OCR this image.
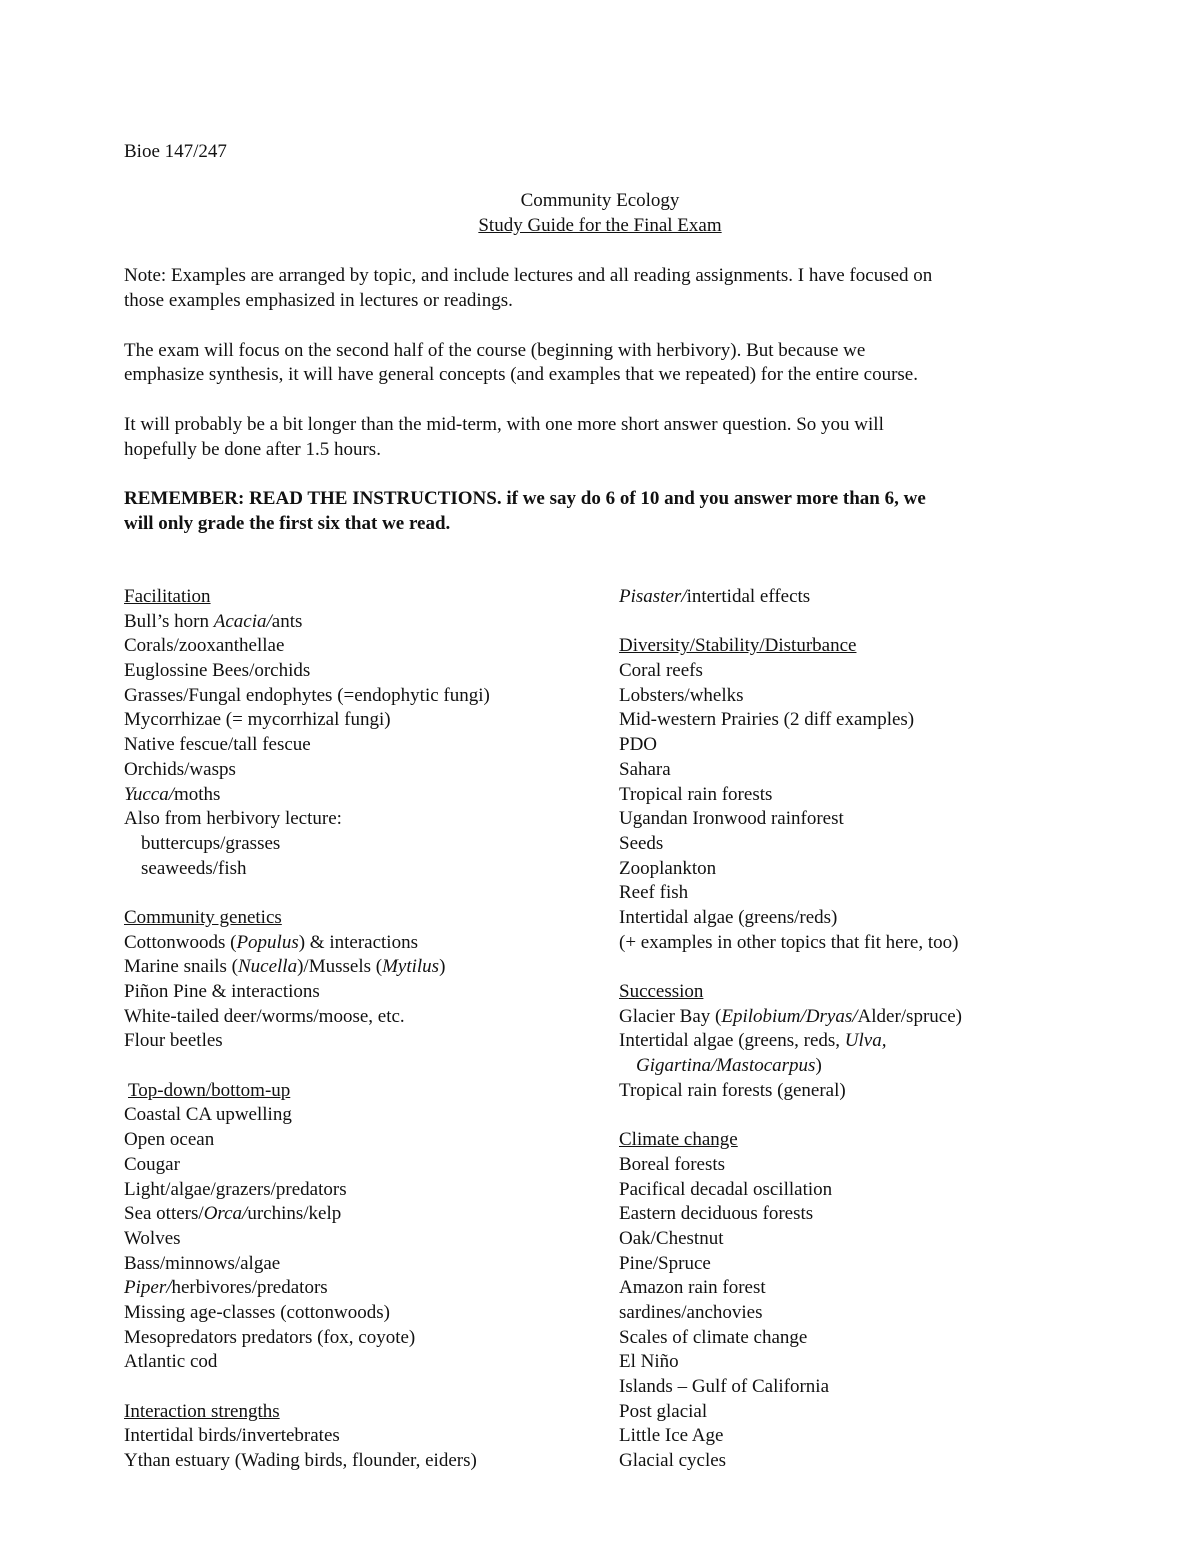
Bioe 147/247
Community Ecology
Study Guide for the Final Exam
Note: Examples are arranged by topic, and include lectures and all reading assignments. I have focused on
those examples emphasized in lectures or readings.
The exam will focus on the second half of the course (beginning with herbivory). But because we
emphasize synthesis, it will have general concepts (and examples that we repeated) for the entire course.
It will probably be a bit longer than the mid-term, with one more short answer question. So you will
hopefully be done after 1.5 hours.
REMEMBER: READ THE INSTRUCTIONS. if we say do 6 of 10 and you answer more than 6, we
will only grade the first six that we read.
Facilitation
Bull’s horn Acacia/ants
Corals/zooxanthellae
Euglossine Bees/orchids
Grasses/Fungal endophytes (=endophytic fungi)
Mycorrhizae (= mycorrhizal fungi)
Native fescue/tall fescue
Orchids/wasps
Yucca/moths
Also from herbivory lecture:
buttercups/grasses
seaweeds/fish
Community genetics
Cottonwoods (Populus) & interactions
Marine snails (Nucella)/Mussels (Mytilus)
Piñon Pine & interactions
White-tailed deer/worms/moose, etc.
Flour beetles
Top-down/bottom-up
Coastal CA upwelling
Open ocean
Cougar
Light/algae/grazers/predators
Sea otters/Orca/urchins/kelp
Wolves
Bass/minnows/algae
Piper/herbivores/predators
Missing age-classes (cottonwoods)
Mesopredators predators (fox, coyote)
Atlantic cod
Interaction strengths
Intertidal birds/invertebrates
Ythan estuary (Wading birds, flounder, eiders)
Pisaster/intertidal effects
Diversity/Stability/Disturbance
Coral reefs
Lobsters/whelks
Mid-western Prairies (2 diff examples)
PDO
Sahara
Tropical rain forests
Ugandan Ironwood rainforest
Seeds
Zooplankton
Reef fish
Intertidal algae (greens/reds)
(+ examples in other topics that fit here, too)
Succession
Glacier Bay (Epilobium/Dryas/Alder/spruce)
Intertidal algae (greens, reds, Ulva,
Gigartina/Mastocarpus)
Tropical rain forests (general)
Climate change
Boreal forests
Pacifical decadal oscillation
Eastern deciduous forests
Oak/Chestnut
Pine/Spruce
Amazon rain forest
sardines/anchovies
Scales of climate change
El Niño
Islands – Gulf of California
Post glacial
Little Ice Age
Glacial cycles
